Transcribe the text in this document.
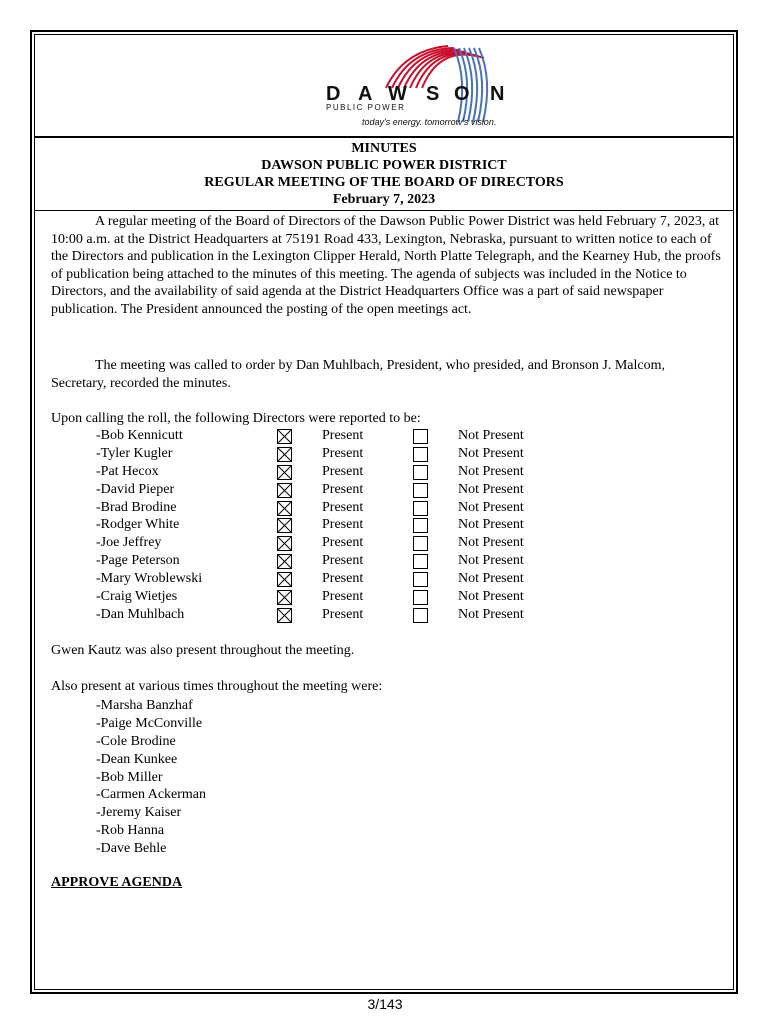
D A W S O N
PUBLIC POWER
today's energy. tomorrow's vision.
MINUTES
DAWSON PUBLIC POWER DISTRICT
REGULAR MEETING OF THE BOARD OF DIRECTORS
February 7, 2023
A regular meeting of the Board of Directors of the Dawson Public Power District was held February 7, 2023, at 10:00 a.m. at the District Headquarters at 75191 Road 433, Lexington, Nebraska, pursuant to written notice to each of the Directors and publication in the Lexington Clipper Herald, North Platte Telegraph, and the Kearney Hub, the proofs of publication being attached to the minutes of this meeting. The agenda of subjects was included in the Notice to Directors, and the availability of said agenda at the District Headquarters Office was a part of said newspaper publication. The President announced the posting of the open meetings act.
The meeting was called to order by Dan Muhlbach, President, who presided, and Bronson J. Malcom, Secretary, recorded the minutes.
Upon calling the roll, the following Directors were reported to be:
-Bob Kennicutt	Present	Not Present
-Tyler Kugler	Present	Not Present
-Pat Hecox	Present	Not Present
-David Pieper	Present	Not Present
-Brad Brodine	Present	Not Present
-Rodger White	Present	Not Present
-Joe Jeffrey	Present	Not Present
-Page Peterson	Present	Not Present
-Mary Wroblewski	Present	Not Present
-Craig Wietjes	Present	Not Present
-Dan Muhlbach	Present	Not Present
Gwen Kautz was also present throughout the meeting.
Also present at various times throughout the meeting were:
-Marsha Banzhaf
-Paige McConville
-Cole Brodine
-Dean Kunkee
-Bob Miller
-Carmen Ackerman
-Jeremy Kaiser
-Rob Hanna
-Dave Behle
APPROVE AGENDA
3/143
